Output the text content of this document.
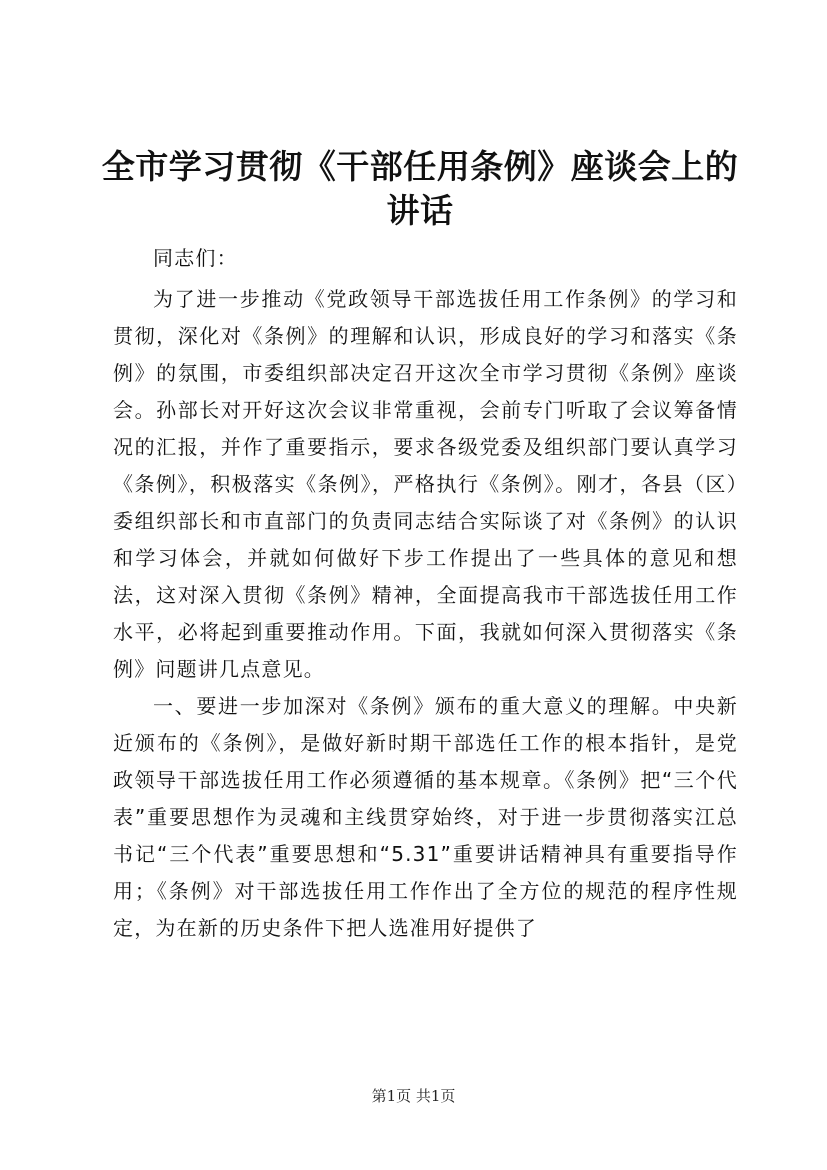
全市学习贯彻《干部任用条例》座谈会上的讲话

同志们：

为了进一步推动《党政领导干部选拔任用工作条例》的学习和贯彻，深化对《条例》的理解和认识，形成良好的学习和落实《条例》的氛围，市委组织部决定召开这次全市学习贯彻《条例》座谈会。孙部长对开好这次会议非常重视，会前专门听取了会议筹备情况的汇报，并作了重要指示，要求各级党委及组织部门要认真学习《条例》，积极落实《条例》，严格执行《条例》。刚才，各县（区）委组织部长和市直部门的负责同志结合实际谈了对《条例》的认识和学习体会，并就如何做好下步工作提出了一些具体的意见和想法，这对深入贯彻《条例》精神，全面提高我市干部选拔任用工作水平，必将起到重要推动作用。下面，我就如何深入贯彻落实《条例》问题讲几点意见。

一、要进一步加深对《条例》颁布的重大意义的理解。中央新近颁布的《条例》，是做好新时期干部选任工作的根本指针，是党政领导干部选拔任用工作必须遵循的基本规章。《条例》把“三个代表”重要思想作为灵魂和主线贯穿始终，对于进一步贯彻落实江总书记“三个代表”重要思想和“5.31”重要讲话精神具有重要指导作用；《条例》对干部选拔任用工作作出了全方位的规范的程序性规定，为在新的历史条件下把人选准用好提供了

第1页 共1页
